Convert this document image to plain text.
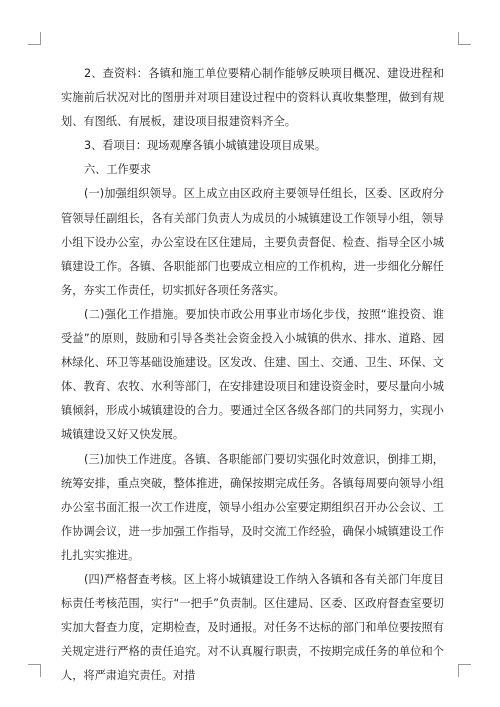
2、查资料：各镇和施工单位要精心制作能够反映项目概况、建设进程和实施前后状况对比的图册并对项目建设过程中的资料认真收集整理，做到有规划、有图纸、有展板，建设项目报建资料齐全。

3、看项目：现场观摩各镇小城镇建设项目成果。

六、工作要求

(一)加强组织领导。区上成立由区政府主要领导任组长，区委、区政府分管领导任副组长，各有关部门负责人为成员的小城镇建设工作领导小组，领导小组下设办公室，办公室设在区住建局，主要负责督促、检查、指导全区小城镇建设工作。各镇、各职能部门也要成立相应的工作机构，进一步细化分解任务，夯实工作责任，切实抓好各项任务落实。

(二)强化工作措施。要加快市政公用事业市场化步伐，按照“谁投资、谁受益”的原则，鼓励和引导各类社会资金投入小城镇的供水、排水、道路、园林绿化、环卫等基础设施建设。区发改、住建、国土、交通、卫生、环保、文体、教育、农牧、水利等部门，在安排建设项目和建设资金时，要尽量向小城镇倾斜，形成小城镇建设的合力。要通过全区各级各部门的共同努力，实现小城镇建设又好又快发展。

(三)加快工作进度。各镇、各职能部门要切实强化时效意识，倒排工期，统筹安排，重点突破，整体推进，确保按期完成任务。各镇每周要向领导小组办公室书面汇报一次工作进度，领导小组办公室要定期组织召开办公会议、工作协调会议，进一步加强工作指导，及时交流工作经验，确保小城镇建设工作扎扎实实推进。

(四)严格督查考核。区上将小城镇建设工作纳入各镇和各有关部门年度目标责任考核范围，实行“一把手”负责制。区住建局、区委、区政府督查室要切实加大督查力度，定期检查，及时通报。对任务不达标的部门和单位要按照有关规定进行严格的责任追究。对不认真履行职责，不按期完成任务的单位和个人，将严肃追究责任。对措
